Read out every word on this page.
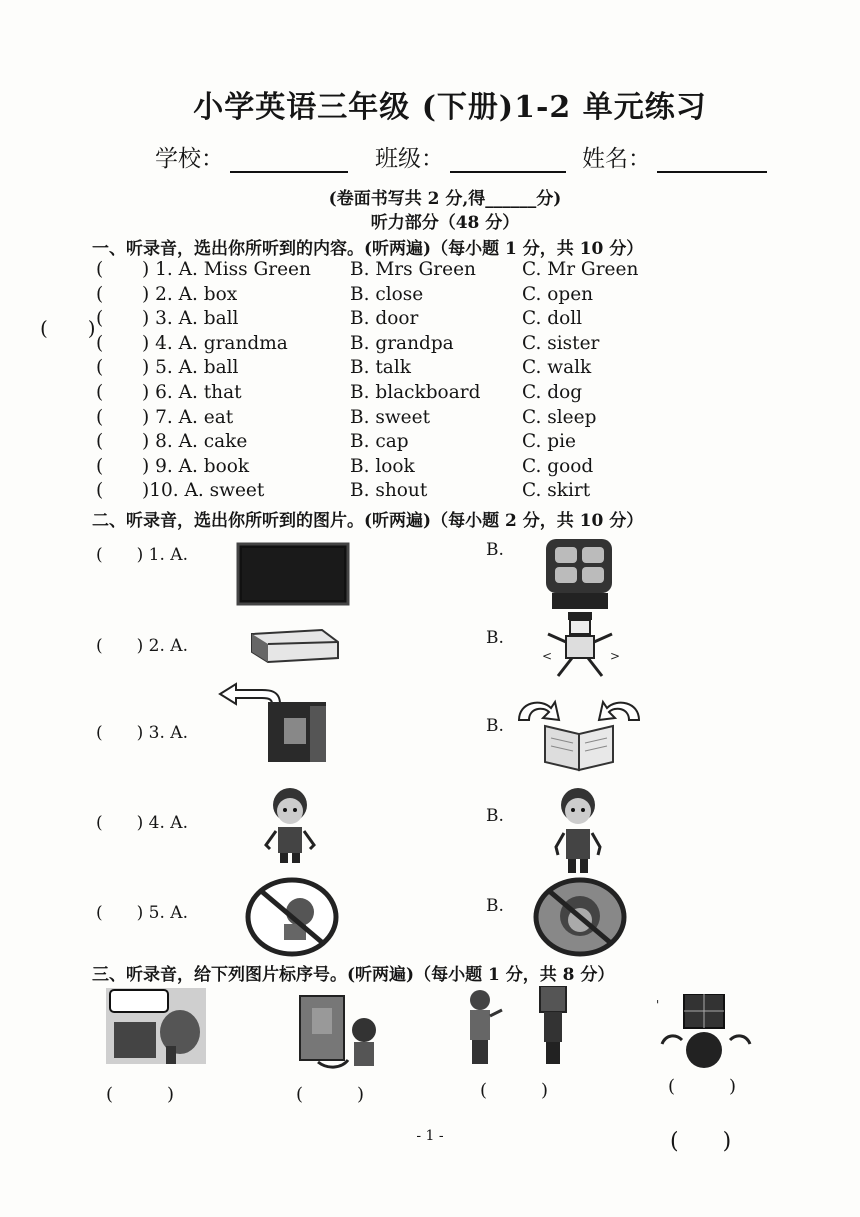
小学英语三年级 (下册)1-2 单元练习
学校：	班级：	姓名：
(卷面书写共 2 分,得______分)
听力部分（48 分）
一、听录音，选出你所听到的内容。(听两遍)（每小题 1 分，共 10 分）
(　　)
( ) 1. A. Miss Green B. Mrs Green C. Mr Green
( ) 2. A. box	B. close	C. open
( ) 3. A. ball	B. door	C. doll
( ) 4. A. grandma	B. grandpa	C. sister
( ) 5. A. ball	B. talk	C. walk
( ) 6. A. that	B. blackboard C. dog
( ) 7. A. eat	B. sweet	C. sleep
( ) 8. A. cake	B. cap	C. pie
( ) 9. A. book	B. look	C. good
( )10. A. sweet	B. shout	C. skirt
二、听录音，选出你所听到的图片。(听两遍)（每小题 2 分，共 10 分）
(　　) 1. A.	B.
(　　) 2. A.	B.
<	>
(　　) 3. A.	B.
(　　) 4. A.	B.
(　　) 5. A.	B.
三、听录音，给下列图片标序号。(听两遍)（每小题 1 分，共 8 分）
'
(　　　)	(　　　)	(　　　)	(　　　)
(　　)
- 1 -
